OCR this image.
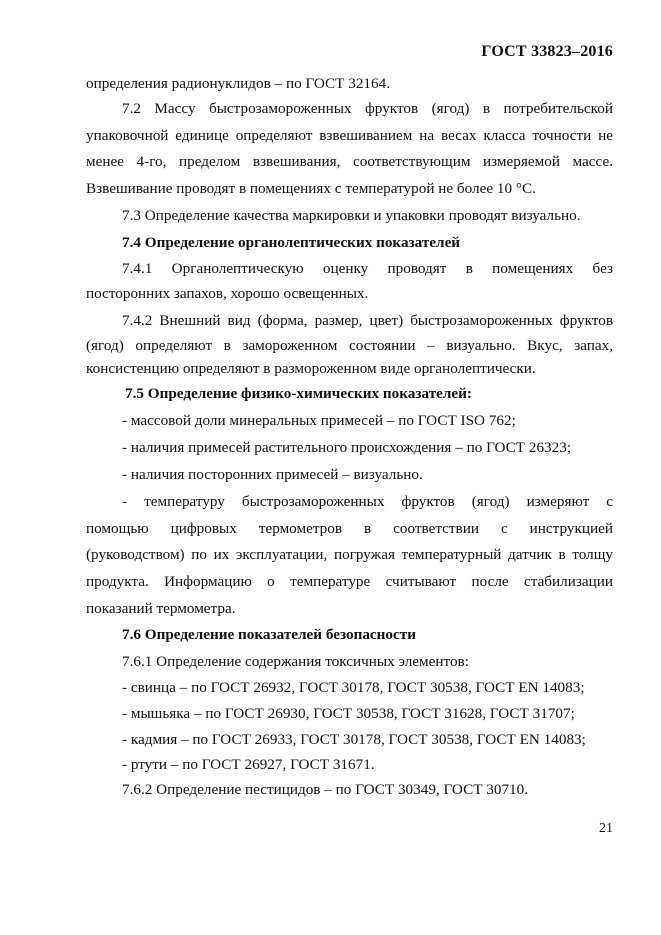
ГОСТ 33823–2016
определения радионуклидов – по ГОСТ 32164.
7.2 Массу быстрозамороженных фруктов (ягод) в потребительской
упаковочной единице определяют взвешиванием на весах класса точности не
менее 4-го, пределом взвешивания, соответствующим измеряемой массе.
Взвешивание проводят в помещениях с температурой не более 10 °С.
7.3 Определение качества маркировки и упаковки проводят визуально.
7.4 Определение органолептических показателей
7.4.1 Органолептическую оценку проводят в помещениях без
посторонних запахов, хорошо освещенных.
7.4.2 Внешний вид (форма, размер, цвет) быстрозамороженных фруктов
(ягод) определяют в замороженном состоянии – визуально. Вкус, запах,
консистенцию определяют в размороженном виде органолептически.
7.5 Определение физико-химических показателей:
- массовой доли минеральных примесей – по ГОСТ ISO 762;
- наличия примесей растительного происхождения – по ГОСТ 26323;
- наличия посторонних примесей – визуально.
- температуру быстрозамороженных фруктов (ягод) измеряют с
помощью цифровых термометров в соответствии с инструкцией
(руководством) по их эксплуатации, погружая температурный датчик в толщу
продукта. Информацию о температуре считывают после стабилизации
показаний термометра.
7.6 Определение показателей безопасности
7.6.1 Определение содержания токсичных элементов:
- свинца – по ГОСТ 26932, ГОСТ 30178, ГОСТ 30538, ГОСТ EN 14083;
- мышьяка – по ГОСТ 26930, ГОСТ 30538, ГОСТ 31628, ГОСТ 31707;
- кадмия – по ГОСТ 26933, ГОСТ 30178, ГОСТ 30538, ГОСТ EN 14083;
- ртути – по ГОСТ 26927, ГОСТ 31671.
7.6.2 Определение пестицидов – по ГОСТ 30349, ГОСТ 30710.
21
